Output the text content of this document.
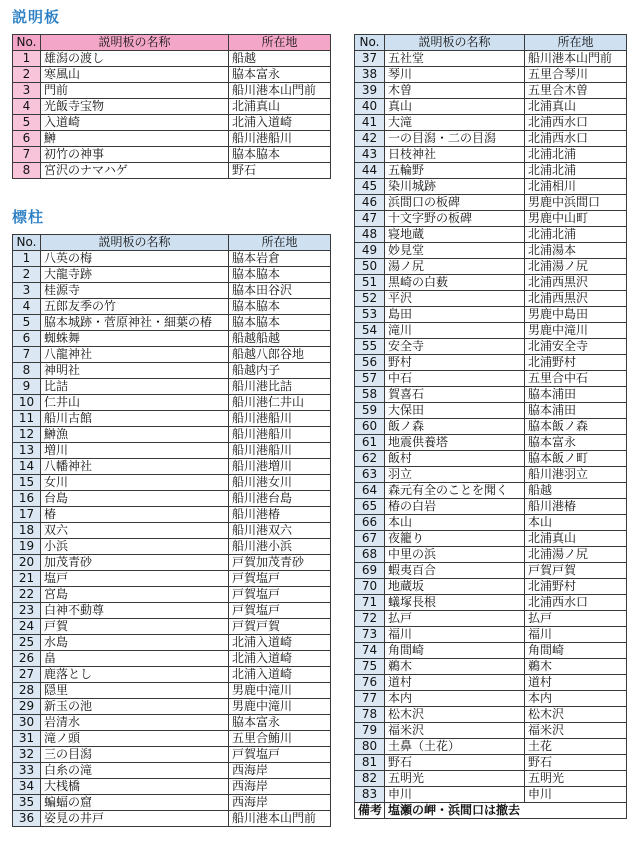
説明板
No.	説明板の名称	所在地
1	雄潟の渡し	船越
2	寒風山	脇本富永
3	門前	船川港本山門前
4	光飯寺宝物	北浦真山
5	入道崎	北浦入道崎
6	鰰	船川港船川
7	初竹の神事	脇本脇本
8	宮沢のナマハゲ	野石
標柱
No.	説明板の名称	所在地
1	八英の梅	脇本岩倉
2	大龍寺跡	脇本脇本
3	桂源寺	脇本田谷沢
4	五郎友季の竹	脇本脇本
5	脇本城跡・菅原神社・細葉の椿	脇本脇本
6	蜘蛛舞	船越船越
7	八龍神社	船越八郎谷地
8	神明社	船越内子
9	比詰	船川港比詰
10	仁井山	船川港仁井山
11	船川古館	船川港船川
12	鰰漁	船川港船川
13	増川	船川港船川
14	八幡神社	船川港増川
15	女川	船川港女川
16	台島	船川港台島
17	椿	船川港椿
18	双六	船川港双六
19	小浜	船川港小浜
20	加茂青砂	戸賀加茂青砂
21	塩戸	戸賀塩戸
22	宮島	戸賀塩戸
23	白神不動尊	戸賀塩戸
24	戸賀	戸賀戸賀
25	水島	北浦入道崎
26	畠	北浦入道崎
27	鹿落とし	北浦入道崎
28	隠里	男鹿中滝川
29	新玉の池	男鹿中滝川
30	岩清水	脇本富永
31	滝ノ頭	五里合鮪川
32	三の目潟	戸賀塩戸
33	白糸の滝	西海岸
34	大桟橋	西海岸
35	蝙蝠の窟	西海岸
36	姿見の井戸	船川港本山門前
No.	説明板の名称	所在地
37	五社堂	船川港本山門前
38	琴川	五里合琴川
39	木曽	五里合木曽
40	真山	北浦真山
41	大滝	北浦西水口
42	一の目潟・二の目潟	北浦西水口
43	日枝神社	北浦北浦
44	五輪野	北浦北浦
45	染川城跡	北浦相川
46	浜間口の板碑	男鹿中浜間口
47	十文字野の板碑	男鹿中山町
48	寝地蔵	北浦北浦
49	妙見堂	北浦湯本
50	湯ノ尻	北浦湯ノ尻
51	黒崎の白薮	北浦西黒沢
52	平沢	北浦西黒沢
53	島田	男鹿中島田
54	滝川	男鹿中滝川
55	安全寺	北浦安全寺
56	野村	北浦野村
57	中石	五里合中石
58	賀喜石	脇本浦田
59	大保田	脇本浦田
60	飯ノ森	脇本飯ノ森
61	地震供養塔	脇本富永
62	飯村	脇本飯ノ町
63	羽立	船川港羽立
64	森元有全のことを聞く	船越
65	椿の白岩	船川港椿
66	本山	本山
67	夜籠り	北浦真山
68	中里の浜	北浦湯ノ尻
69	蝦夷百合	戸賀戸賀
70	地蔵坂	北浦野村
71	蟻塚長根	北浦西水口
72	払戸	払戸
73	福川	福川
74	角間崎	角間崎
75	鵜木	鵜木
76	道村	道村
77	本内	本内
78	松木沢	松木沢
79	福米沢	福米沢
80	土鼻（土花）	土花
81	野石	野石
82	五明光	五明光
83	申川	申川
備考	塩瀬の岬・浜間口は撤去	
